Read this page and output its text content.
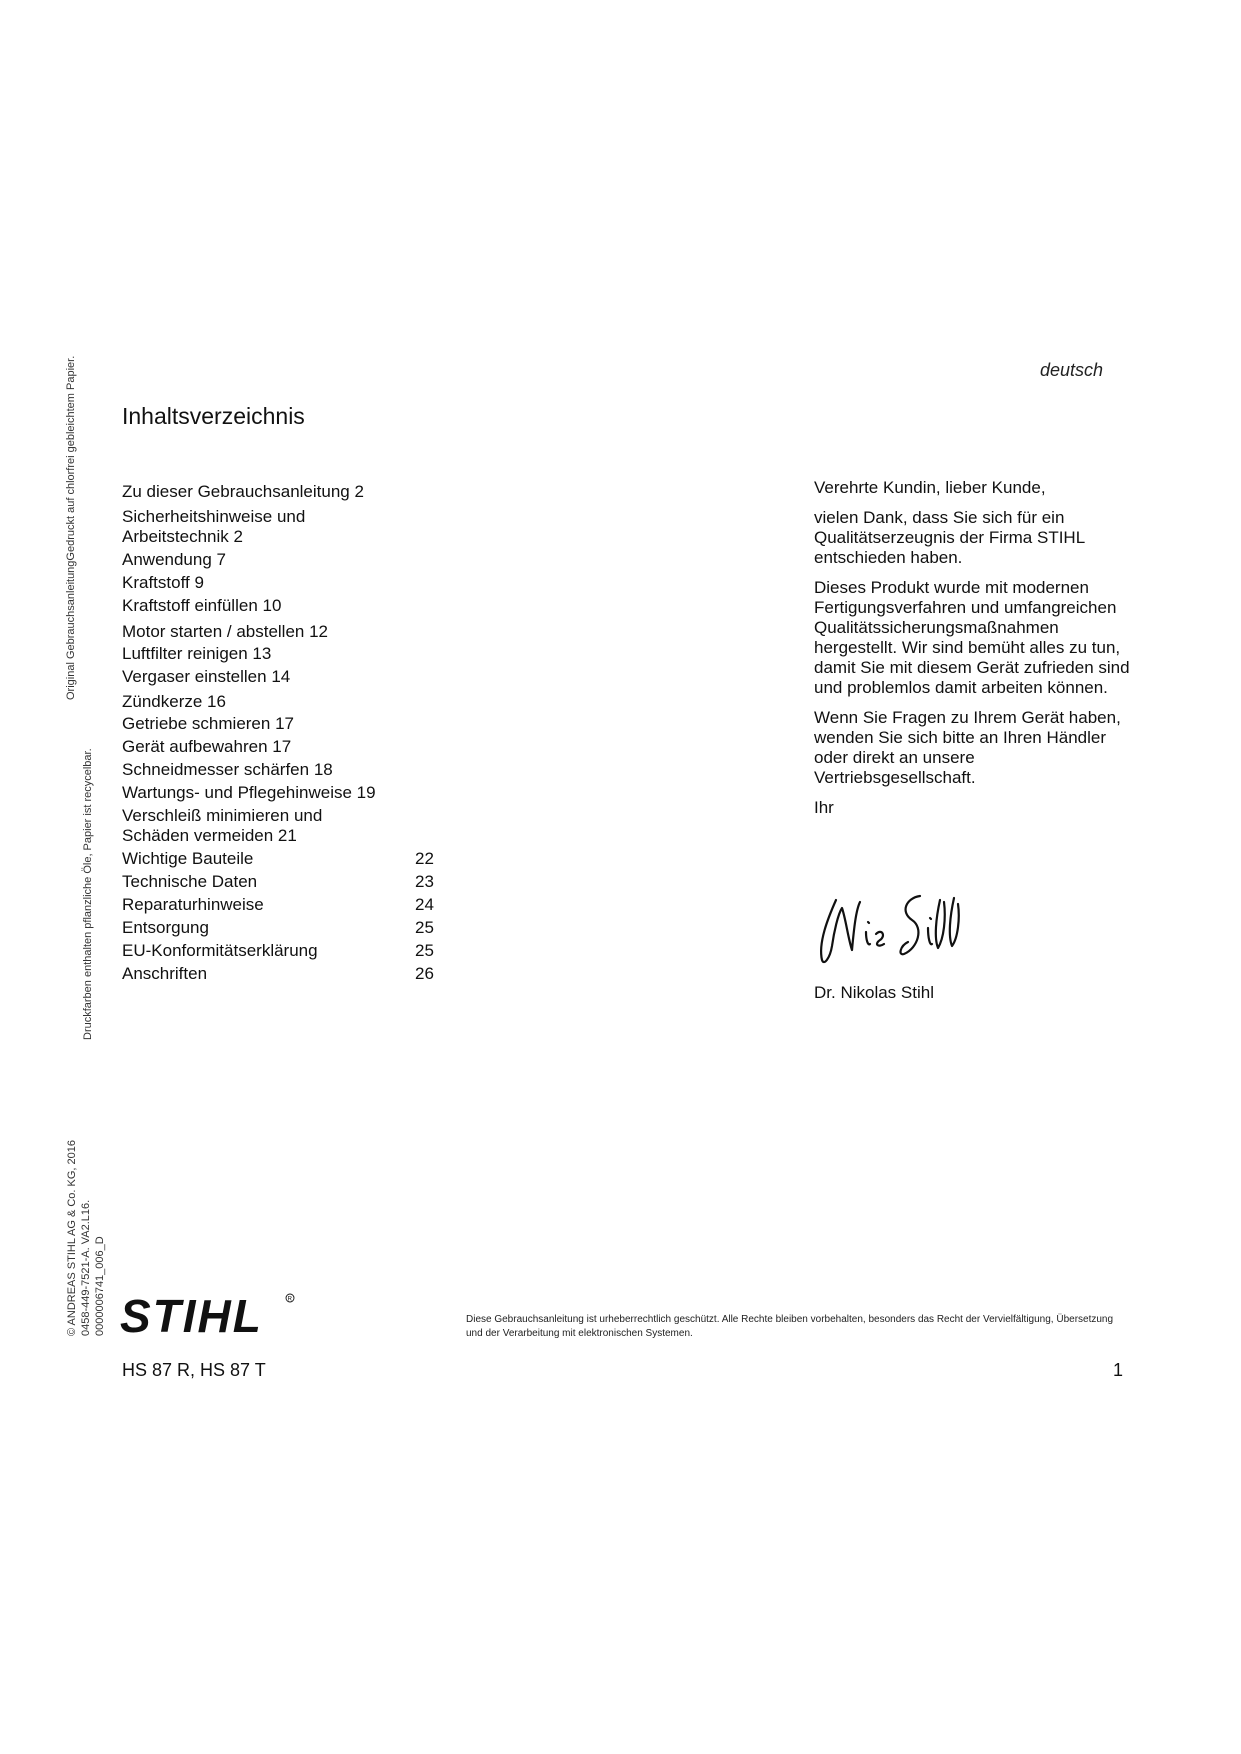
deutsch
Original GebrauchsanleitungGedruckt auf chlorfrei gebleichtem Papier.
Druckfarben enthalten pflanzliche Öle, Papier ist recycelbar.
© ANDREAS STIHL AG & Co. KG, 2016 0458-449-7521-A. VA2.L16. 0000006741_006_D
Inhaltsverzeichnis
Zu dieser Gebrauchsanleitung 2
Sicherheitshinweise und
Arbeitstechnik 2
Anwendung 7
Kraftstoff 9
Kraftstoff einfüllen 10
Motor starten / abstellen 12
Luftfilter reinigen 13
Vergaser einstellen 14
Zündkerze 16
Getriebe schmieren 17
Gerät aufbewahren 17
Schneidmesser schärfen 18
Wartungs- und Pflegehinweise 19
Verschleiß minimieren und
Schäden vermeiden 21
Wichtige Bauteile	22
Technische Daten	23
Reparaturhinweise	24
Entsorgung	25
EU-Konformitätserklärung	25
Anschriften	26

Verehrte Kundin, lieber Kunde,

vielen Dank, dass Sie sich für ein Qualitätserzeugnis der Firma STIHL entschieden haben.

Dieses Produkt wurde mit modernen Fertigungsverfahren und umfangreichen Qualitätssicherungsmaßnahmen hergestellt. Wir sind bemüht alles zu tun, damit Sie mit diesem Gerät zufrieden sind und problemlos damit arbeiten können.

Wenn Sie Fragen zu Ihrem Gerät haben, wenden Sie sich bitte an Ihren Händler oder direkt an unsere Vertriebsgesellschaft.

Ihr

Dr. Nikolas Stihl
STIHL	R
Diese Gebrauchsanleitung ist urheberrechtlich geschützt. Alle Rechte bleiben vorbehalten, besonders das Recht der Vervielfältigung, Übersetzung und der Verarbeitung mit elektronischen Systemen.
HS 87 R, HS 87 T	1
